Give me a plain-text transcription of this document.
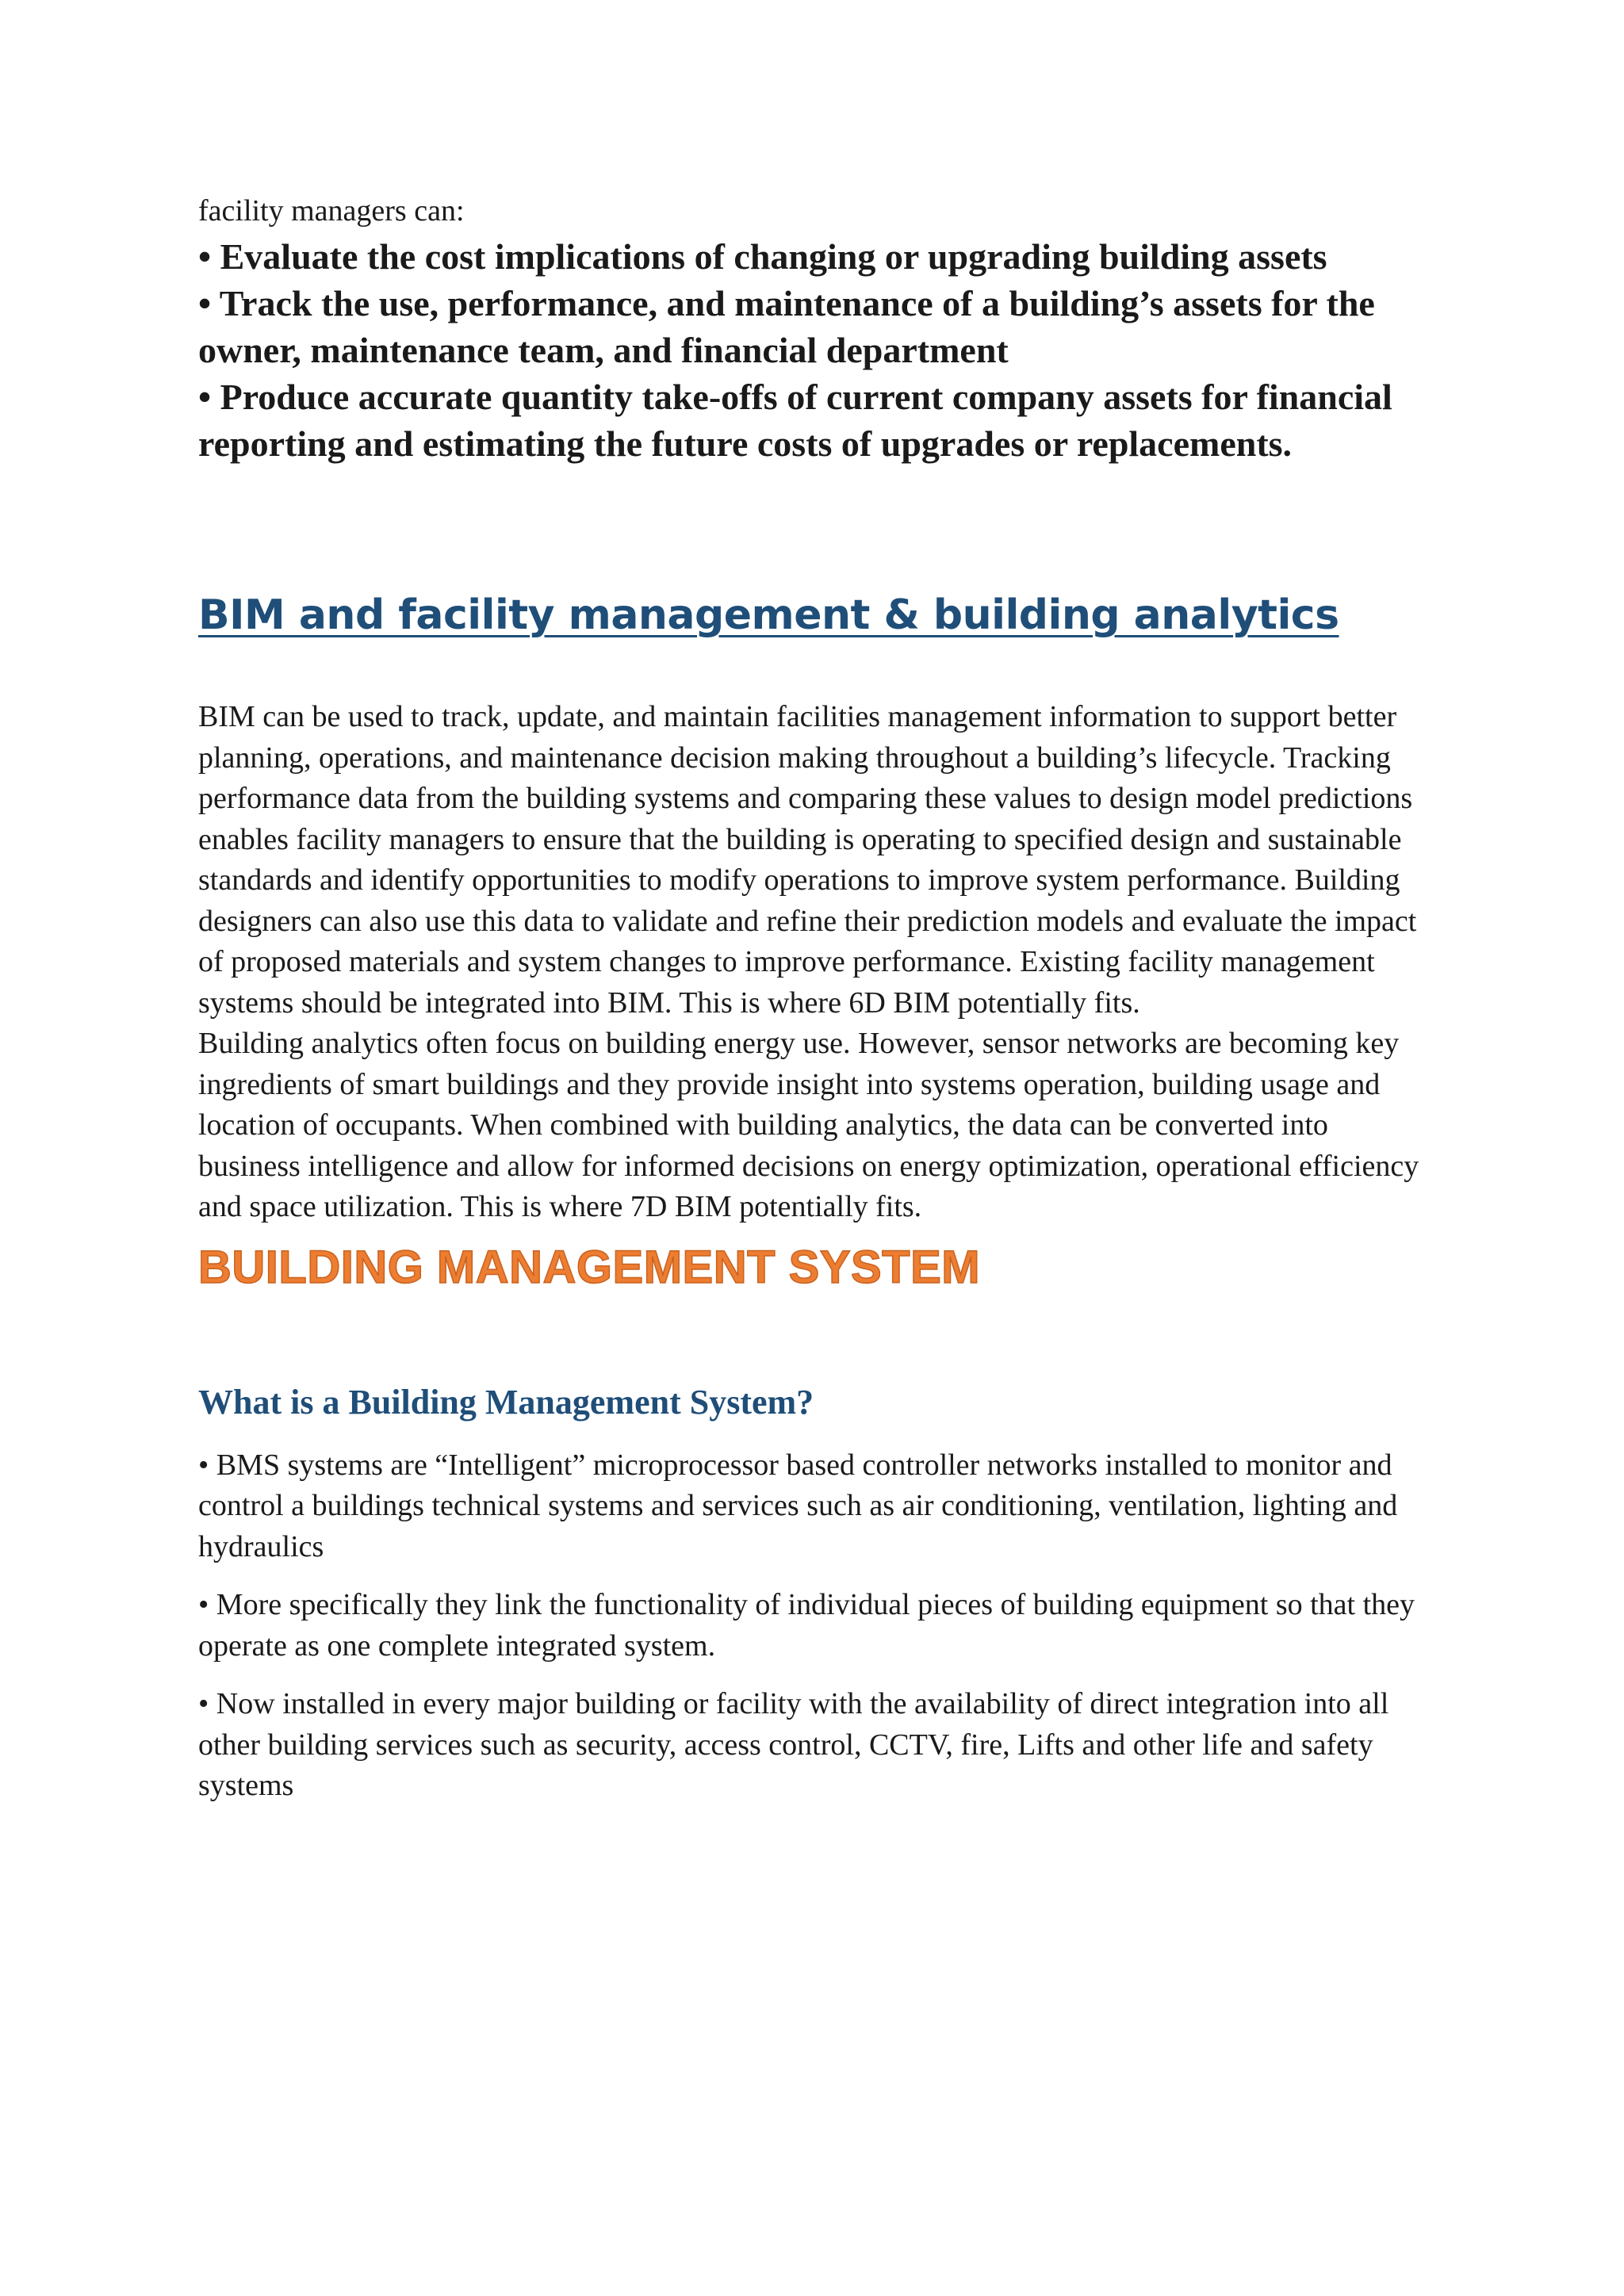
facility managers can:

• Evaluate the cost implications of changing or upgrading building assets
• Track the use, performance, and maintenance of a building’s assets for the owner, maintenance team, and financial department
• Produce accurate quantity take-offs of current company assets for financial reporting and estimating the future costs of upgrades or replacements.
BIM and facility management & building analytics

BIM can be used to track, update, and maintain facilities management information to support better planning, operations, and maintenance decision making throughout a building’s lifecycle. Tracking performance data from the building systems and comparing these values to design model predictions enables facility managers to ensure that the building is operating to specified design and sustainable standards and identify opportunities to modify operations to improve system performance. Building designers can also use this data to validate and refine their prediction models and evaluate the impact of proposed materials and system changes to improve performance. Existing facility management systems should be integrated into BIM. This is where 6D BIM potentially fits.

Building analytics often focus on building energy use. However, sensor networks are becoming key ingredients of smart buildings and they provide insight into systems operation, building usage and location of occupants. When combined with building analytics, the data can be converted into business intelligence and allow for informed decisions on energy optimization, operational efficiency and space utilization. This is where 7D BIM potentially fits.

BUILDING MANAGEMENT SYSTEM
What is a Building Management System?

• BMS systems are “Intelligent” microprocessor based controller networks installed to monitor and control a buildings technical systems and services such as air conditioning, ventilation, lighting and hydraulics

• More specifically they link the functionality of individual pieces of building equipment so that they operate as one complete integrated system.

• Now installed in every major building or facility with the availability of direct integration into all other building services such as security, access control, CCTV, fire, Lifts and other life and safety systems
